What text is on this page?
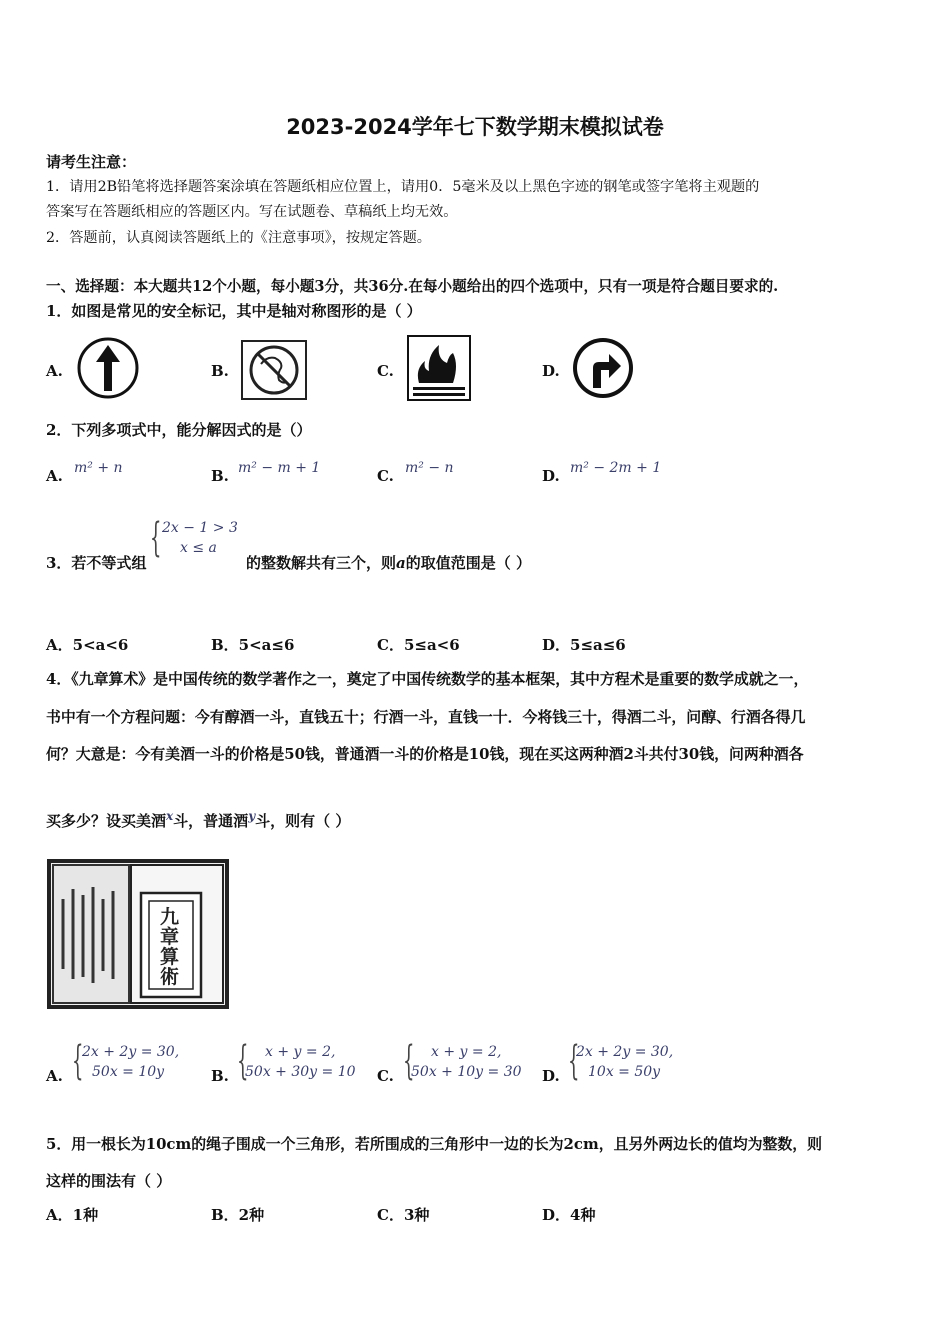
2023-2024学年七下数学期末模拟试卷
请考生注意：
1．请用2B铅笔将选择题答案涂填在答题纸相应位置上，请用0．5毫米及以上黑色字迹的钢笔或签字笔将主观题的
答案写在答题纸相应的答题区内。写在试题卷、草稿纸上均无效。
2．答题前，认真阅读答题纸上的《注意事项》，按规定答题。
一、选择题：本大题共12个小题，每小题3分，共36分.在每小题给出的四个选项中，只有一项是符合题目要求的.
1．如图是常见的安全标记，其中是轴对称图形的是（ ）
A.	B.	C.	D.
2．下列多项式中，能分解因式的是（）
A. m² + n	B. m² − m + 1	C. m² − n	D. m² − 2m + 1
{ 2x − 1 > 3
x ≤ a
3．若不等式组	的整数解共有三个，则a的取值范围是（ ）
A．5<a<6	B．5<a≤6	C．5≤a<6	D．5≤a≤6
4．《九章算术》是中国传统的数学著作之一，奠定了中国传统数学的基本框架，其中方程术是重要的数学成就之一，
书中有一个方程问题：今有醇酒一斗，直钱五十；行酒一斗，直钱一十．今将钱三十，得酒二斗，问醇、行酒各得几
何？大意是：今有美酒一斗的价格是50钱，普通酒一斗的价格是10钱，现在买这两种酒2斗共付30钱，问两种酒各
买多少？设买美酒$^x$斗，普通酒$^y$斗，则有（ ）
九章算術
A. {
2x + 2y = 30,
50x = 10y	B. { x + y = 2,
50x + 30y = 10 C. { x + y = 2,
50x + 10y = 30 D. {
2x + 2y = 30,
10x = 50y
5．用一根长为10cm的绳子围成一个三角形，若所围成的三角形中一边的长为2cm，且另外两边长的值均为整数，则
这样的围法有（ ）
A．1种	B．2种	C．3种	D．4种
